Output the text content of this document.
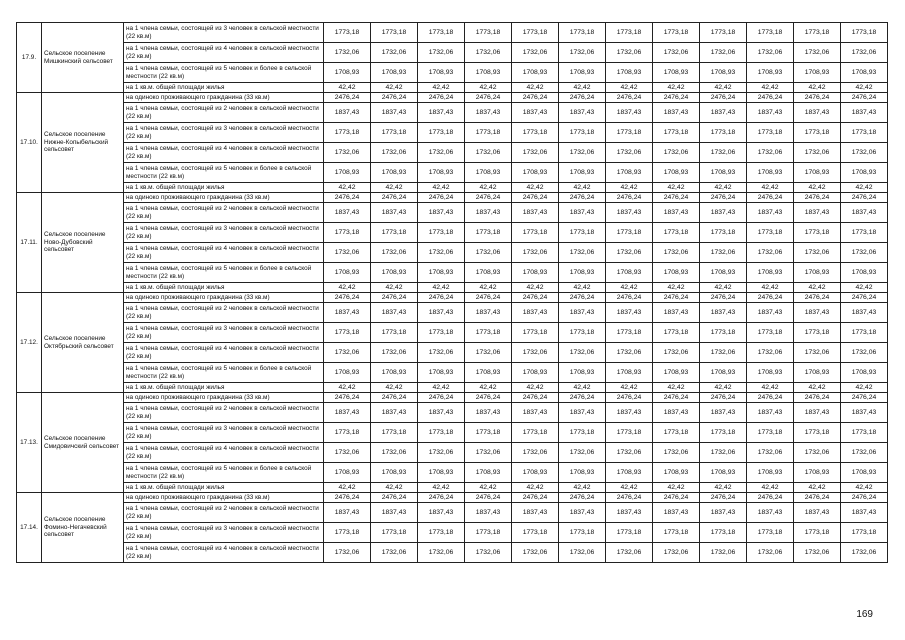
17.9.	Сельское поселение Мишкинский сельсовет	на 1 члена семьи, состоящей из 3 человек в сельской местности (22 кв.м)	1773,18	1773,18	1773,18	1773,18	1773,18	1773,18	1773,18	1773,18	1773,18	1773,18	1773,18	1773,18
		на 1 члена семьи, состоящей из 4 человек в сельской местности (22 кв.м)	1732,06	1732,06	1732,06	1732,06	1732,06	1732,06	1732,06	1732,06	1732,06	1732,06	1732,06	1732,06
		на 1 члена семьи, состоящей из 5 человек и более в сельской местности (22 кв.м)	1708,93	1708,93	1708,93	1708,93	1708,93	1708,93	1708,93	1708,93	1708,93	1708,93	1708,93	1708,93
		на 1 кв.м. общей площади жилья	42,42	42,42	42,42	42,42	42,42	42,42	42,42	42,42	42,42	42,42	42,42	42,42
17.10.	Сельское поселение Нижне-Копыбельский сельсовет	на одиноко проживающего гражданина (33 кв.м)	2476,24	2476,24	2476,24	2476,24	2476,24	2476,24	2476,24	2476,24	2476,24	2476,24	2476,24	2476,24
		на 1 члена семьи, состоящей из 2 человек в сельской местности (22 кв.м)	1837,43	1837,43	1837,43	1837,43	1837,43	1837,43	1837,43	1837,43	1837,43	1837,43	1837,43	1837,43
		на 1 члена семьи, состоящей из 3 человек в сельской местности (22 кв.м)	1773,18	1773,18	1773,18	1773,18	1773,18	1773,18	1773,18	1773,18	1773,18	1773,18	1773,18	1773,18
		на 1 члена семьи, состоящей из 4 человек в сельской местности (22 кв.м)	1732,06	1732,06	1732,06	1732,06	1732,06	1732,06	1732,06	1732,06	1732,06	1732,06	1732,06	1732,06
		на 1 члена семьи, состоящей из 5 человек и более в сельской местности (22 кв.м)	1708,93	1708,93	1708,93	1708,93	1708,93	1708,93	1708,93	1708,93	1708,93	1708,93	1708,93	1708,93
		на 1 кв.м. общей площади жилья	42,42	42,42	42,42	42,42	42,42	42,42	42,42	42,42	42,42	42,42	42,42	42,42
17.11.	Сельское поселение Ново-Дубовский сельсовет	на одиноко проживающего гражданина (33 кв.м)	2476,24	2476,24	2476,24	2476,24	2476,24	2476,24	2476,24	2476,24	2476,24	2476,24	2476,24	2476,24
		на 1 члена семьи, состоящей из 2 человек в сельской местности (22 кв.м)	1837,43	1837,43	1837,43	1837,43	1837,43	1837,43	1837,43	1837,43	1837,43	1837,43	1837,43	1837,43
		на 1 члена семьи, состоящей из 3 человек в сельской местности (22 кв.м)	1773,18	1773,18	1773,18	1773,18	1773,18	1773,18	1773,18	1773,18	1773,18	1773,18	1773,18	1773,18
		на 1 члена семьи, состоящей из 4 человек в сельской местности (22 кв.м)	1732,06	1732,06	1732,06	1732,06	1732,06	1732,06	1732,06	1732,06	1732,06	1732,06	1732,06	1732,06
		на 1 члена семьи, состоящей из 5 человек и более в сельской местности (22 кв.м)	1708,93	1708,93	1708,93	1708,93	1708,93	1708,93	1708,93	1708,93	1708,93	1708,93	1708,93	1708,93
		на 1 кв.м. общей площади жилья	42,42	42,42	42,42	42,42	42,42	42,42	42,42	42,42	42,42	42,42	42,42	42,42
17.12.	Сельское поселение Октябрьский сельсовет	на одиноко проживающего гражданина (33 кв.м)	2476,24	2476,24	2476,24	2476,24	2476,24	2476,24	2476,24	2476,24	2476,24	2476,24	2476,24	2476,24
		на 1 члена семьи, состоящей из 2 человек в сельской местности (22 кв.м)	1837,43	1837,43	1837,43	1837,43	1837,43	1837,43	1837,43	1837,43	1837,43	1837,43	1837,43	1837,43
		на 1 члена семьи, состоящей из 3 человек в сельской местности (22 кв.м)	1773,18	1773,18	1773,18	1773,18	1773,18	1773,18	1773,18	1773,18	1773,18	1773,18	1773,18	1773,18
		на 1 члена семьи, состоящей из 4 человек в сельской местности (22 кв.м)	1732,06	1732,06	1732,06	1732,06	1732,06	1732,06	1732,06	1732,06	1732,06	1732,06	1732,06	1732,06
		на 1 члена семьи, состоящей из 5 человек и более в сельской местности (22 кв.м)	1708,93	1708,93	1708,93	1708,93	1708,93	1708,93	1708,93	1708,93	1708,93	1708,93	1708,93	1708,93
		на 1 кв.м. общей площади жилья	42,42	42,42	42,42	42,42	42,42	42,42	42,42	42,42	42,42	42,42	42,42	42,42
17.13.	Сельское поселение Смидовичский сельсовет	на одиноко проживающего гражданина (33 кв.м)	2476,24	2476,24	2476,24	2476,24	2476,24	2476,24	2476,24	2476,24	2476,24	2476,24	2476,24	2476,24
		на 1 члена семьи, состоящей из 2 человек в сельской местности (22 кв.м)	1837,43	1837,43	1837,43	1837,43	1837,43	1837,43	1837,43	1837,43	1837,43	1837,43	1837,43	1837,43
		на 1 члена семьи, состоящей из 3 человек в сельской местности (22 кв.м)	1773,18	1773,18	1773,18	1773,18	1773,18	1773,18	1773,18	1773,18	1773,18	1773,18	1773,18	1773,18
		на 1 члена семьи, состоящей из 4 человек в сельской местности (22 кв.м)	1732,06	1732,06	1732,06	1732,06	1732,06	1732,06	1732,06	1732,06	1732,06	1732,06	1732,06	1732,06
		на 1 члена семьи, состоящей из 5 человек и более в сельской местности (22 кв.м)	1708,93	1708,93	1708,93	1708,93	1708,93	1708,93	1708,93	1708,93	1708,93	1708,93	1708,93	1708,93
		на 1 кв.м. общей площади жилья	42,42	42,42	42,42	42,42	42,42	42,42	42,42	42,42	42,42	42,42	42,42	42,42
17.14.	Сельское поселение Фомино-Негачевский сельсовет	на одиноко проживающего гражданина (33 кв.м)	2476,24	2476,24	2476,24	2476,24	2476,24	2476,24	2476,24	2476,24	2476,24	2476,24	2476,24	2476,24
		на 1 члена семьи, состоящей из 2 человек в сельской местности (22 кв.м)	1837,43	1837,43	1837,43	1837,43	1837,43	1837,43	1837,43	1837,43	1837,43	1837,43	1837,43	1837,43
		на 1 члена семьи, состоящей из 3 человек в сельской местности (22 кв.м)	1773,18	1773,18	1773,18	1773,18	1773,18	1773,18	1773,18	1773,18	1773,18	1773,18	1773,18	1773,18
		на 1 члена семьи, состоящей из 4 человек в сельской местности (22 кв.м)	1732,06	1732,06	1732,06	1732,06	1732,06	1732,06	1732,06	1732,06	1732,06	1732,06	1732,06	1732,06
169
